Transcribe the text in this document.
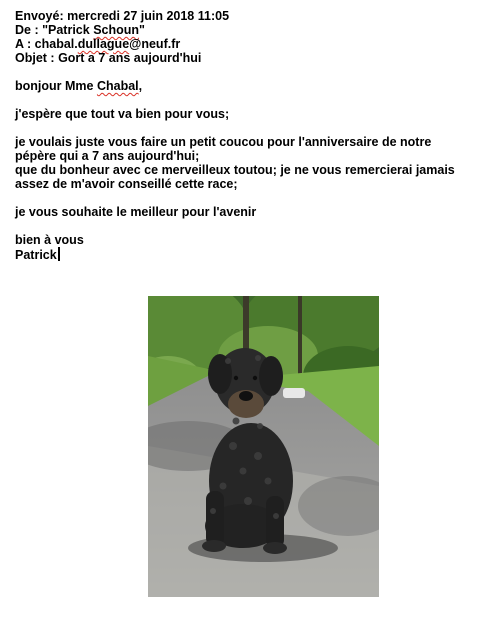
Envoyé: mercredi 27 juin 2018 11:05
De : "Patrick Schoun"
A : chabal.dullague@neuf.fr
Objet : Gort a 7 ans aujourd'hui

bonjour Mme Chabal,

j'espère que tout va bien pour vous;

je voulais juste vous faire un petit coucou pour l'anniversaire de notre

pépère qui a 7 ans aujourd'hui;

que du bonheur avec ce merveilleux toutou; je ne vous remercierai jamais

assez de m'avoir conseillé cette race;

je vous souhaite le meilleur pour l'avenir

bien à vous

Patrick
